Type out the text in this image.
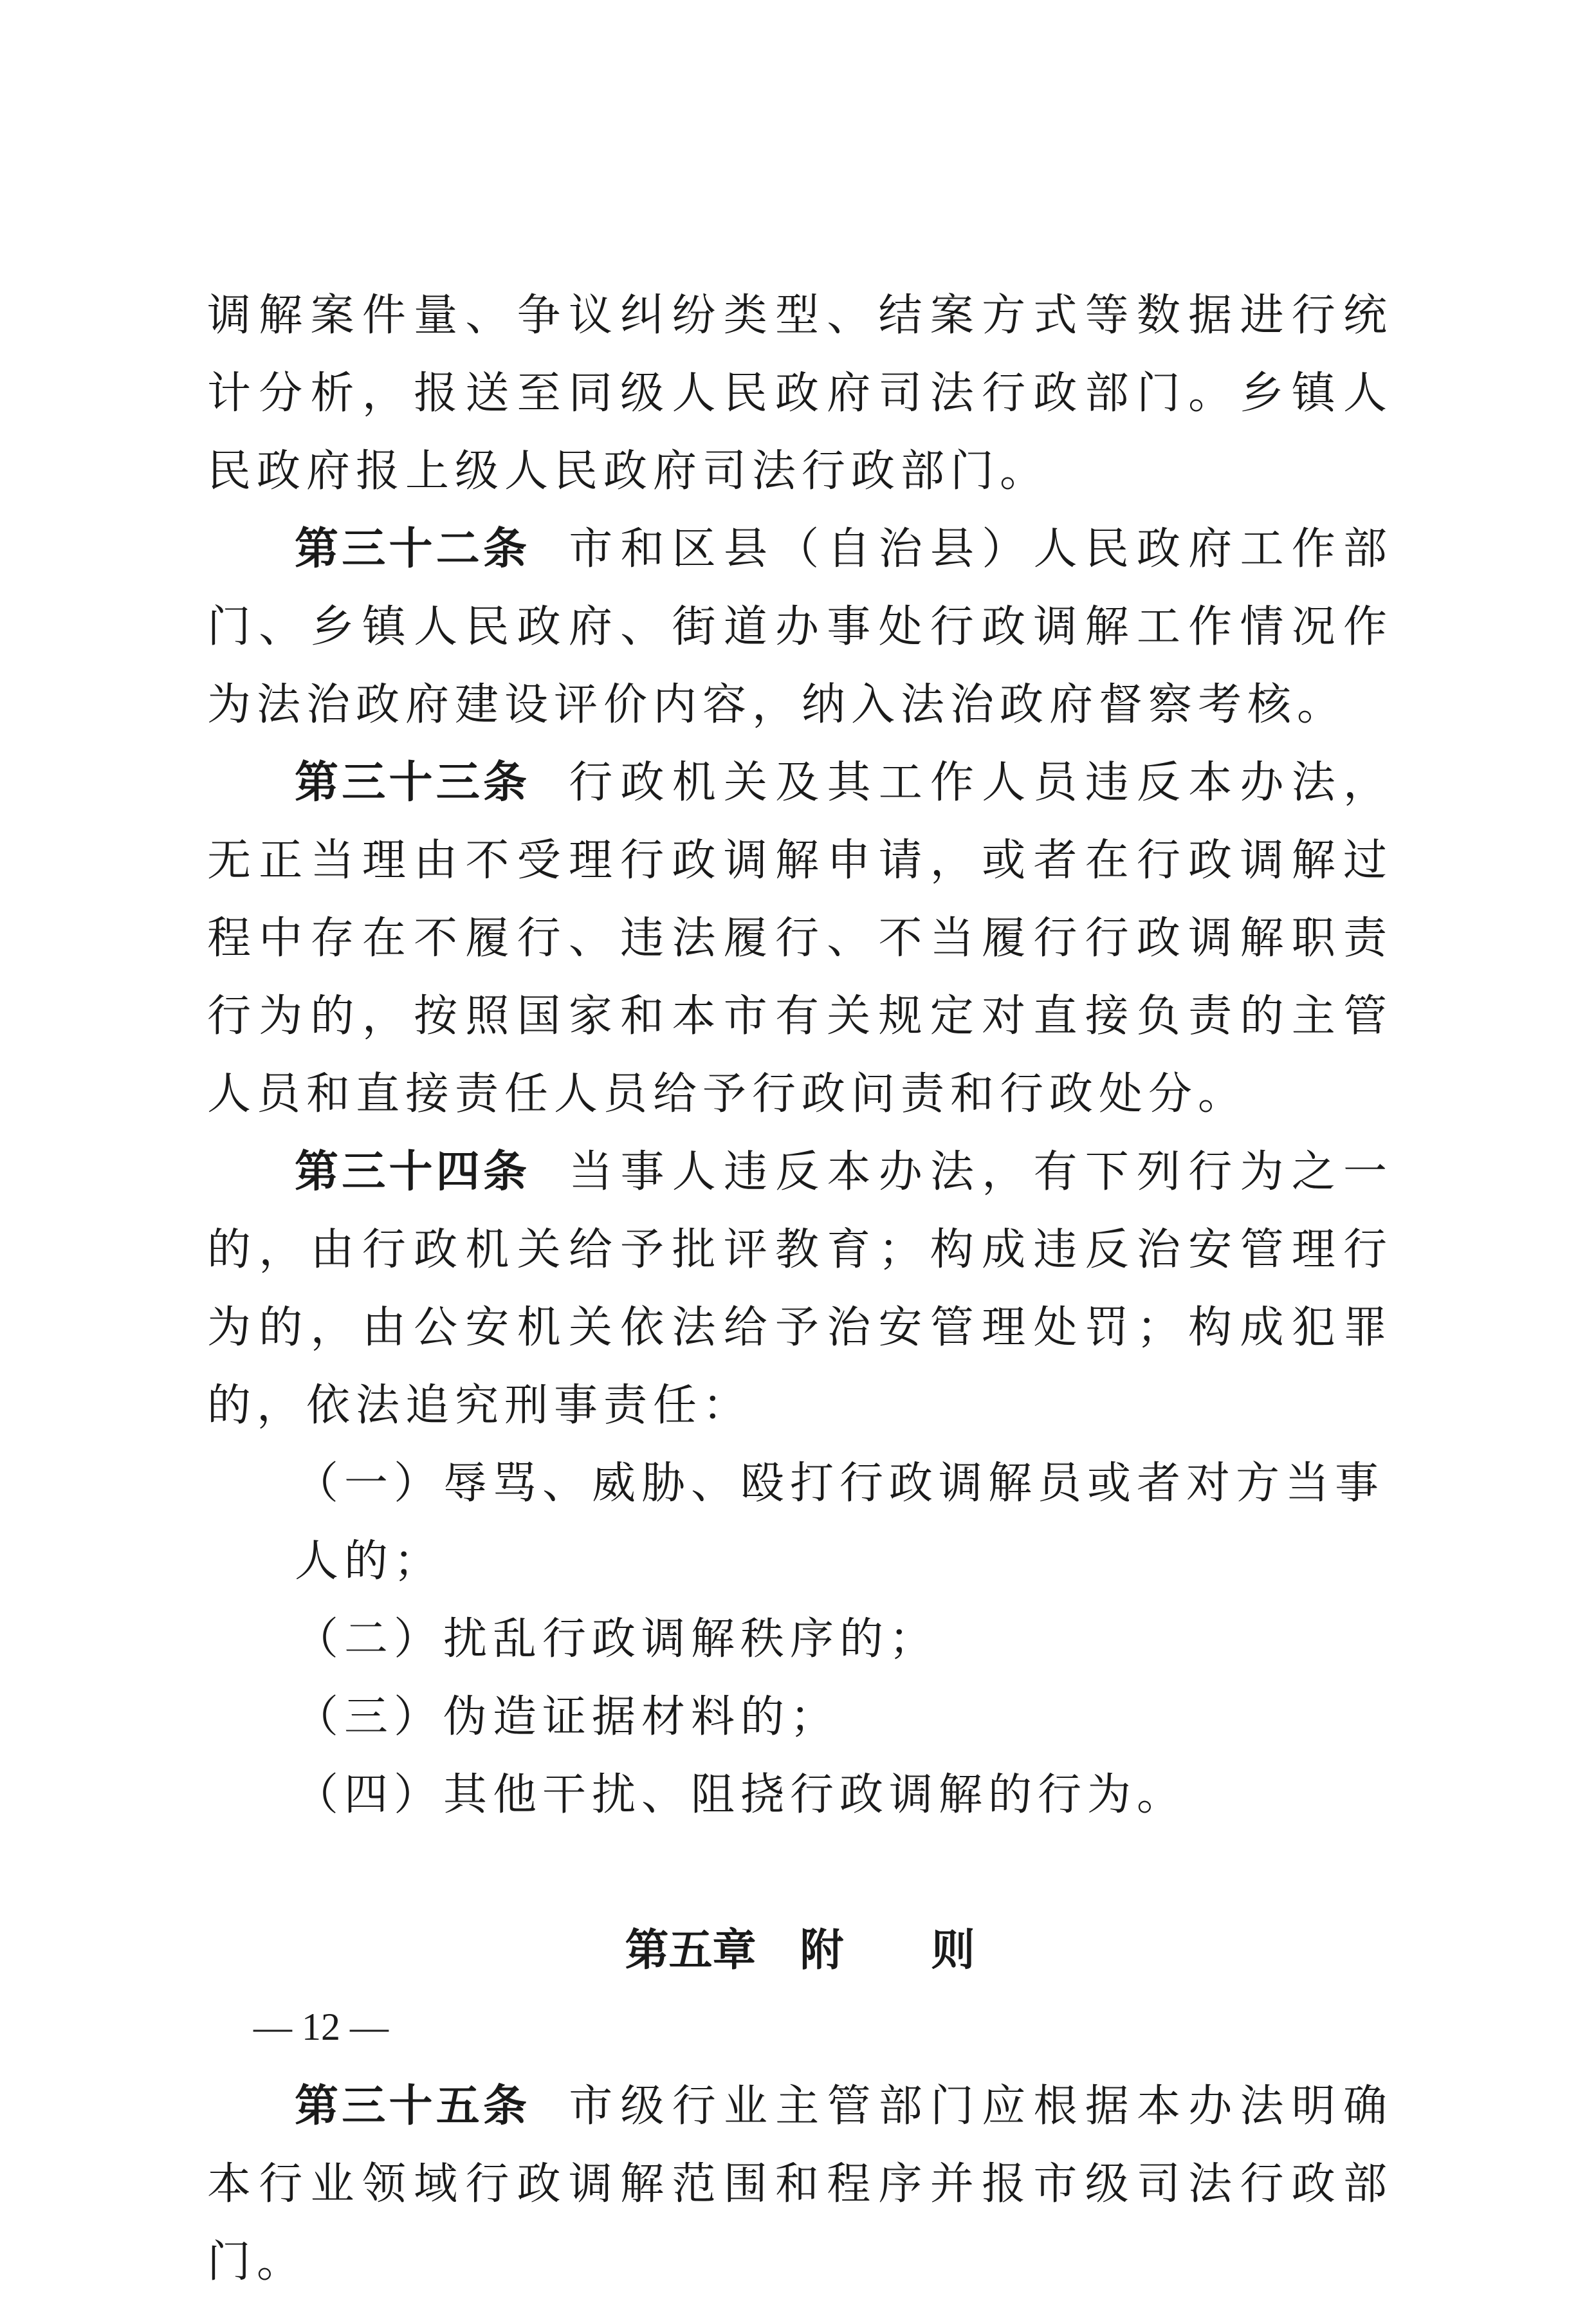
调解案件量、争议纠纷类型、结案方式等数据进行统计分析，报送至同级人民政府司法行政部门。乡镇人民政府报上级人民政府司法行政部门。

第三十二条 市和区县（自治县）人民政府工作部门、乡镇人民政府、街道办事处行政调解工作情况作为法治政府建设评价内容，纳入法治政府督察考核。

第三十三条 行政机关及其工作人员违反本办法，无正当理由不受理行政调解申请，或者在行政调解过程中存在不履行、违法履行、不当履行行政调解职责行为的，按照国家和本市有关规定对直接负责的主管人员和直接责任人员给予行政问责和行政处分。

第三十四条 当事人违反本办法，有下列行为之一的，由行政机关给予批评教育；构成违反治安管理行为的，由公安机关依法给予治安管理处罚；构成犯罪的，依法追究刑事责任：

（一）辱骂、威胁、殴打行政调解员或者对方当事人的；

（二）扰乱行政调解秩序的；

（三）伪造证据材料的；

（四）其他干扰、阻挠行政调解的行为。

第五章　附　　则

第三十五条 市级行业主管部门应根据本办法明确本行业领域行政调解范围和程序并报市级司法行政部门。

— 12 —
